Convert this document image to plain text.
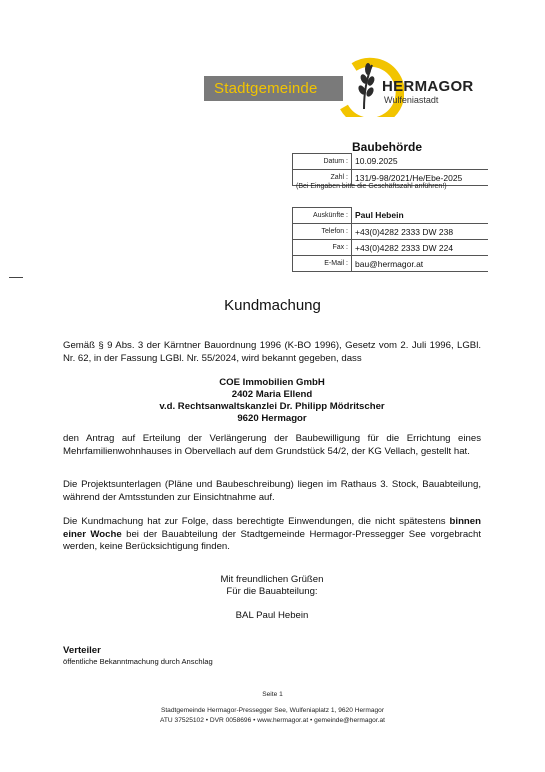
Stadtgemeinde	HERMAGOR
Wulfeniastadt
Baubehörde
Datum :	10.09.2025
Zahl :	131/9-98/2021/He/Ebe-2025
(Bei Eingaben bitte die Geschäftszahl anführen!)
Auskünfte :	Paul Hebein
Telefon :	+43(0)4282 2333 DW 238
Fax :	+43(0)4282 2333 DW 224
E-Mail :	bau@hermagor.at
Kundmachung
Gemäß § 9 Abs. 3 der Kärntner Bauordnung 1996 (K-BO 1996), Gesetz vom 2. Juli 1996, LGBl. Nr. 62, in der Fassung LGBl. Nr. 55/2024, wird bekannt gegeben, dass
COE Immobilien GmbH
2402 Maria Ellend
v.d. Rechtsanwaltskanzlei Dr. Philipp Mödritscher
9620 Hermagor
den Antrag auf Erteilung der Verlängerung der Baubewilligung für die Errichtung eines Mehrfamilienwohnhauses in Obervellach auf dem Grundstück 54/2, der KG Vellach, gestellt hat.
Die Projektsunterlagen (Pläne und Baubeschreibung) liegen im Rathaus 3. Stock, Bauabteilung, während der Amtsstunden zur Einsichtnahme auf.
Die Kundmachung hat zur Folge, dass berechtigte Einwendungen, die nicht spätestens binnen einer Woche bei der Bauabteilung der Stadtgemeinde Hermagor-Pressegger See vorgebracht werden, keine Berücksichtigung finden.
Mit freundlichen Grüßen
Für die Bauabteilung:
BAL Paul Hebein
Verteiler
öffentliche Bekanntmachung durch Anschlag
Seite 1
Stadtgemeinde Hermagor-Pressegger See, Wulfeniaplatz 1, 9620 Hermagor
ATU 37525102 • DVR 0058696 • www.hermagor.at • gemeinde@hermagor.at
